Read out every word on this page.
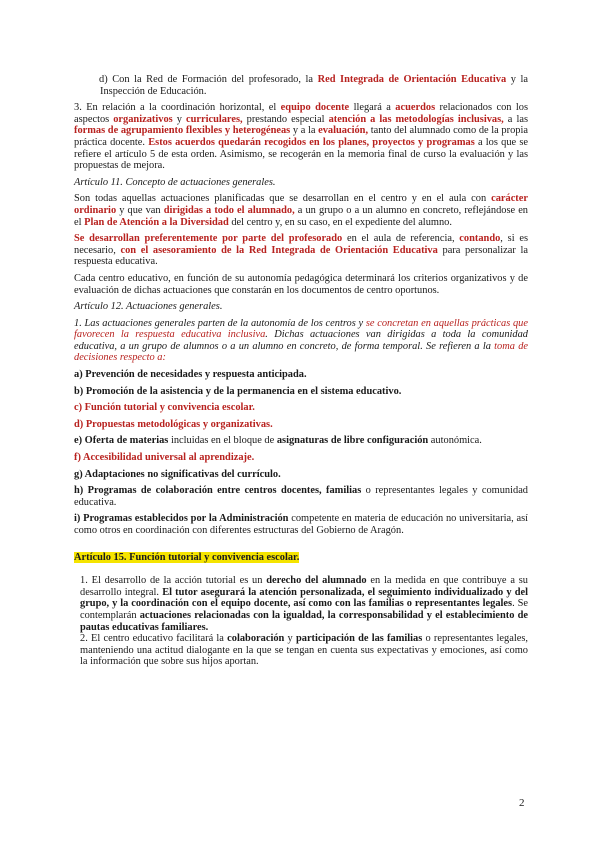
d) Con la Red de Formación del profesorado, la Red Integrada de Orientación Educativa y la Inspección de Educación.

3. En relación a la coordinación horizontal, el equipo docente llegará a acuerdos relacionados con los aspectos organizativos y curriculares, prestando especial atención a las metodologías inclusivas, a las formas de agrupamiento flexibles y heterogéneas y a la evaluación, tanto del alumnado como de la propia práctica docente. Estos acuerdos quedarán recogidos en los planes, proyectos y programas a los que se refiere el artículo 5 de esta orden. Asimismo, se recogerán en la memoria final de curso la evaluación y las propuestas de mejora.

Artículo 11. Concepto de actuaciones generales.

Son todas aquellas actuaciones planificadas que se desarrollan en el centro y en el aula con carácter ordinario y que van dirigidas a todo el alumnado, a un grupo o a un alumno en concreto, reflejándose en el Plan de Atención a la Diversidad del centro y, en su caso, en el expediente del alumno.

Se desarrollan preferentemente por parte del profesorado en el aula de referencia, contando, si es necesario, con el asesoramiento de la Red Integrada de Orientación Educativa para personalizar la respuesta educativa.

Cada centro educativo, en función de su autonomía pedagógica determinará los criterios organizativos y de evaluación de dichas actuaciones que constarán en los documentos de centro oportunos.

Artículo 12. Actuaciones generales.

1. Las actuaciones generales parten de la autonomía de los centros y se concretan en aquellas prácticas que favorecen la respuesta educativa inclusiva. Dichas actuaciones van dirigidas a toda la comunidad educativa, a un grupo de alumnos o a un alumno en concreto, de forma temporal. Se refieren a la toma de decisiones respecto a:

a) Prevención de necesidades y respuesta anticipada.

b) Promoción de la asistencia y de la permanencia en el sistema educativo.

c) Función tutorial y convivencia escolar.

d) Propuestas metodológicas y organizativas.

e) Oferta de materias incluidas en el bloque de asignaturas de libre configuración autonómica.

f) Accesibilidad universal al aprendizaje.

g) Adaptaciones no significativas del currículo.

h) Programas de colaboración entre centros docentes, familias o representantes legales y comunidad educativa.

i) Programas establecidos por la Administración competente en materia de educación no universitaria, así como otros en coordinación con diferentes estructuras del Gobierno de Aragón.

Artículo 15. Función tutorial y convivencia escolar.

1. El desarrollo de la acción tutorial es un derecho del alumnado en la medida en que contribuye a su desarrollo integral. El tutor asegurará la atención personalizada, el seguimiento individualizado y del grupo, y la coordinación con el equipo docente, así como con las familias o representantes legales. Se contemplarán actuaciones relacionadas con la igualdad, la corresponsabilidad y el establecimiento de pautas educativas familiares.

2. El centro educativo facilitará la colaboración y participación de las familias o representantes legales, manteniendo una actitud dialogante en la que se tengan en cuenta sus expectativas y emociones, así como la información que sobre sus hijos aportan.

2
